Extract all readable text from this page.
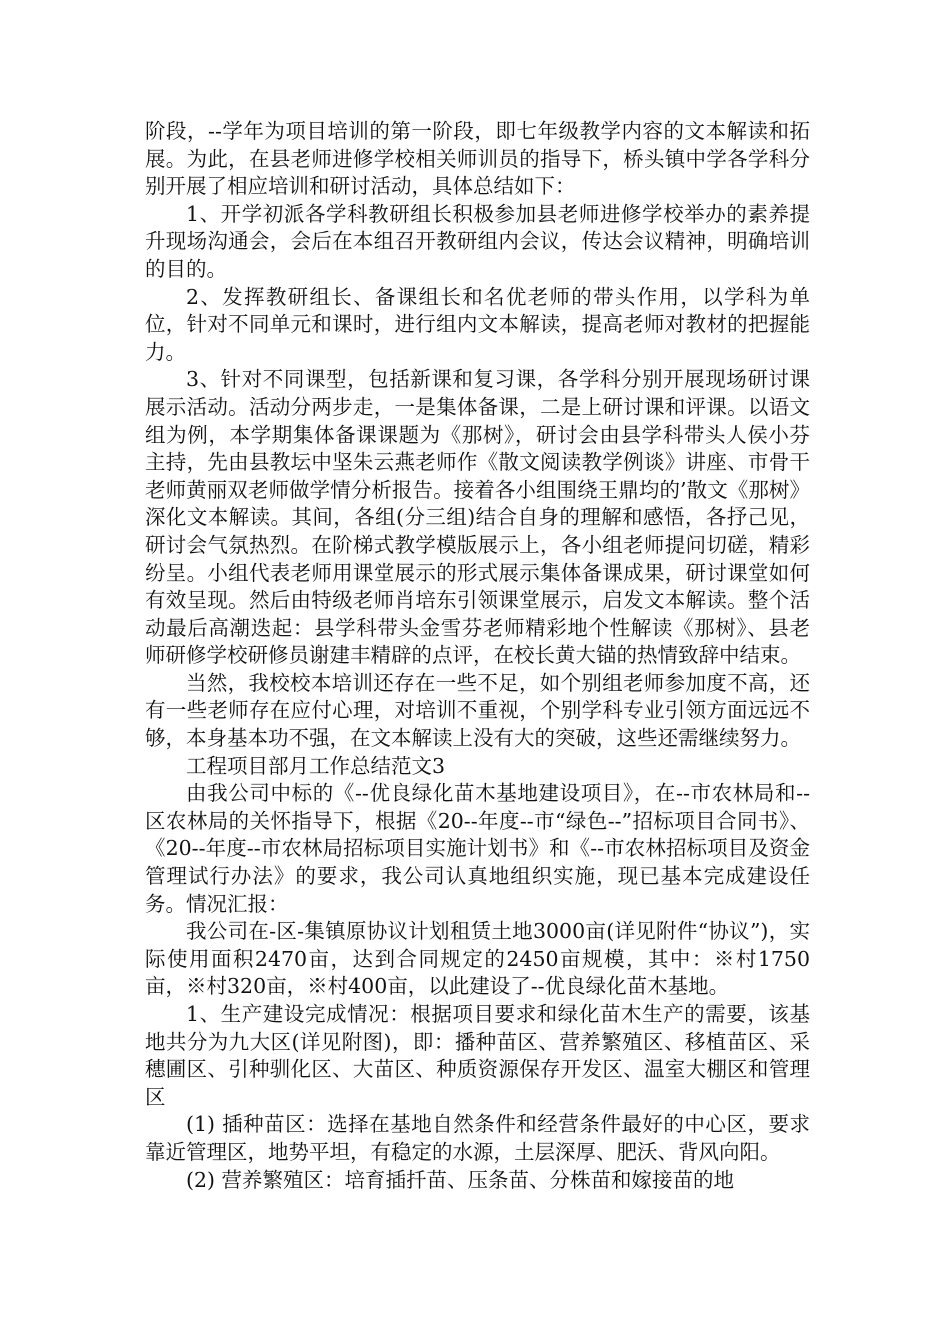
阶段，--学年为项目培训的第一阶段，即七年级教学内容的文本解读和拓展。为此，在县老师进修学校相关师训员的指导下，桥头镇中学各学科分别开展了相应培训和研讨活动，具体总结如下：

1、开学初派各学科教研组长积极参加县老师进修学校举办的素养提升现场沟通会，会后在本组召开教研组内会议，传达会议精神，明确培训的目的。

2、发挥教研组长、备课组长和名优老师的带头作用，以学科为单位，针对不同单元和课时，进行组内文本解读，提高老师对教材的把握能力。

3、针对不同课型，包括新课和复习课，各学科分别开展现场研讨课展示活动。活动分两步走，一是集体备课，二是上研讨课和评课。以语文组为例，本学期集体备课课题为《那树》，研讨会由县学科带头人侯小芬主持，先由县教坛中坚朱云燕老师作《散文阅读教学例谈》讲座、市骨干老师黄丽双老师做学情分析报告。接着各小组围绕王鼎均的’散文《那树》深化文本解读。其间，各组(分三组)结合自身的理解和感悟，各抒己见，研讨会气氛热烈。在阶梯式教学模版展示上，各小组老师提问切磋，精彩纷呈。小组代表老师用课堂展示的形式展示集体备课成果，研讨课堂如何有效呈现。然后由特级老师肖培东引领课堂展示，启发文本解读。整个活动最后高潮迭起：县学科带头金雪芬老师精彩地个性解读《那树》、县老师研修学校研修员谢建丰精辟的点评，在校长黄大锚的热情致辞中结束。

当然，我校校本培训还存在一些不足，如个别组老师参加度不高，还有一些老师存在应付心理，对培训不重视，个别学科专业引领方面远远不够，本身基本功不强，在文本解读上没有大的突破，这些还需继续努力。

工程项目部月工作总结范文3

由我公司中标的《--优良绿化苗木基地建设项目》，在--市农林局和--区农林局的关怀指导下，根据《20--年度--市“绿色--”招标项目合同书》、《20--年度--市农林局招标项目实施计划书》和《--市农林招标项目及资金管理试行办法》的要求，我公司认真地组织实施，现已基本完成建设任务。情况汇报：

我公司在-区-集镇原协议计划租赁土地3000亩(详见附件“协议”)，实际使用面积2470亩，达到合同规定的2450亩规模，其中：※村1750亩，※村320亩，※村400亩，以此建设了--优良绿化苗木基地。

1、生产建设完成情况：根据项目要求和绿化苗木生产的需要，该基地共分为九大区(详见附图)，即：播种苗区、营养繁殖区、移植苗区、采穗圃区、引种驯化区、大苗区、种质资源保存开发区、温室大棚区和管理区

(1) 插种苗区：选择在基地自然条件和经营条件最好的中心区，要求靠近管理区，地势平坦，有稳定的水源，土层深厚、肥沃、背风向阳。

(2) 营养繁殖区：培育插扦苗、压条苗、分株苗和嫁接苗的地
